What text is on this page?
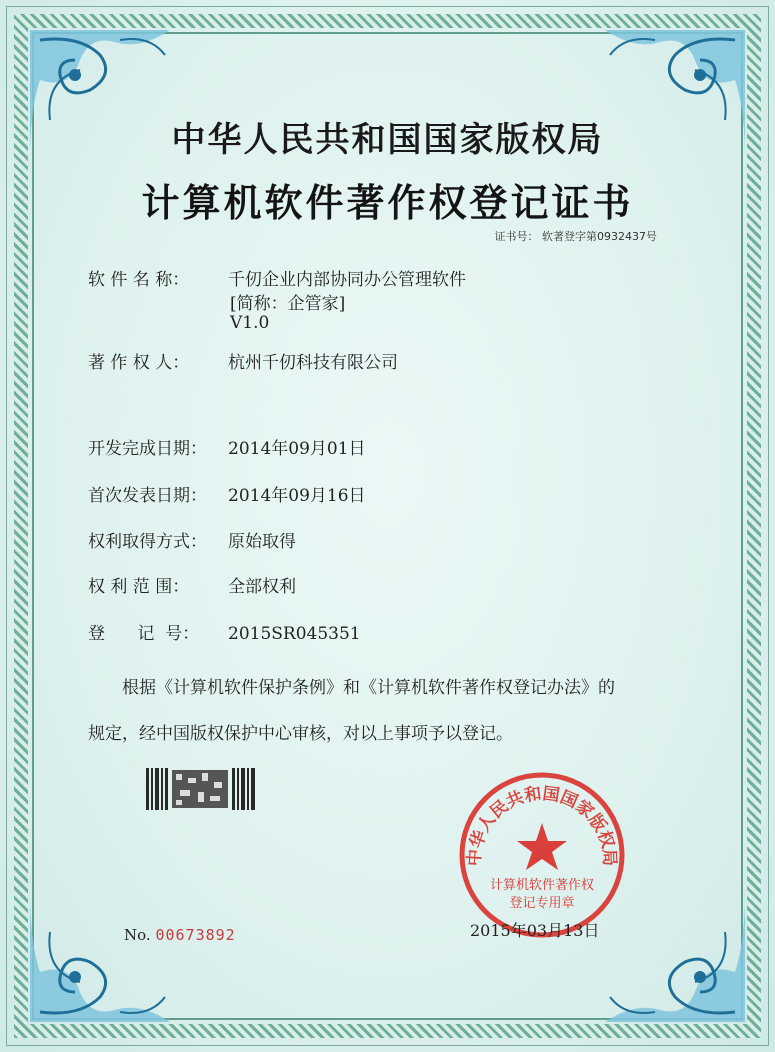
中华人民共和国国家版权局
计算机软件著作权登记证书
证书号： 软著登字第0932437号
软 件 名 称： 千仞企业内部协同办公管理软件
[简称：企管家]
V1.0
著 作 权 人： 杭州千仞科技有限公司
开发完成日期： 2014年09月01日
首次发表日期： 2014年09月16日
权利取得方式： 原始取得
权 利 范 围： 全部权利
登      记  号： 2015SR045351
根据《计算机软件保护条例》和《计算机软件著作权登记办法》的
规定，经中国版权保护中心审核，对以上事项予以登记。
中华人民共和国国家版权局
计算机软件著作权
登记专用章
2015年03月13日
No. 00673892
